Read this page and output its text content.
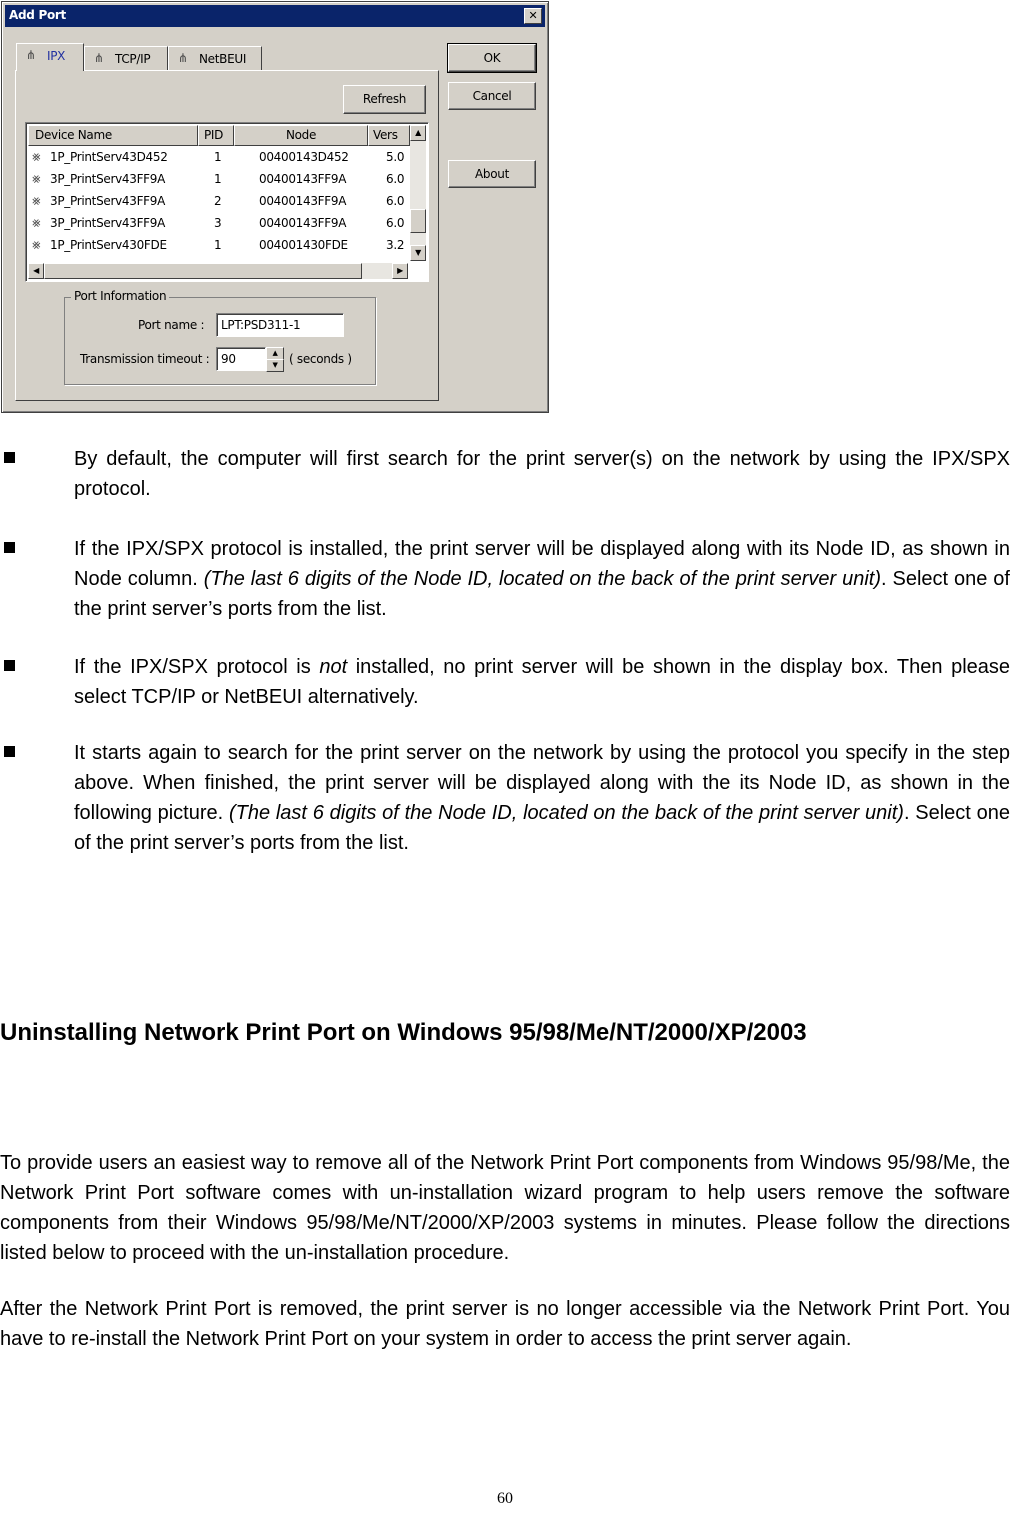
Add Port	✕
⋔ IPX ⋔ TCP/IP ⋔ NetBEUI	OK
Cancel
About
Refresh
Device Name	PID	Node	Vers
⨳ 1P_PrintServ43D452	1	00400143D452	5.0
⨳ 3P_PrintServ43FF9A	1	00400143FF9A	6.0
⨳ 3P_PrintServ43FF9A	2	00400143FF9A	6.0
⨳ 3P_PrintServ43FF9A	3	00400143FF9A	6.0
⨳ 1P_PrintServ430FDE	1	004001430FDE	3.2
▲
▼
◀	▶
Port Information
Port name :	LPT:PSD311-1
Transmission timeout : 90	▲
▼ ( seconds )

By default, the computer will first search for the print server(s) on the network by using the IPX/SPX protocol.

If the IPX/SPX protocol is installed, the print server will be displayed along with its Node ID, as shown in Node column. (The last 6 digits of the Node ID, located on the back of the print server unit). Select one of the print server’s ports from the list.

If the IPX/SPX protocol is not installed, no print server will be shown in the display box. Then please select TCP/IP or NetBEUI alternatively.

It starts again to search for the print server on the network by using the protocol you specify in the step above. When finished, the print server will be displayed along with the its Node ID, as shown in the following picture. (The last 6 digits of the Node ID, located on the back of the print server unit). Select one of the print server’s ports from the list.

Uninstalling Network Print Port on Windows 95/98/Me/NT/2000/XP/2003

To provide users an easiest way to remove all of the Network Print Port components from Windows 95/98/Me, the Network Print Port software comes with un-installation wizard program to help users remove the software components from their Windows 95/98/Me/NT/2000/XP/2003 systems in minutes. Please follow the directions listed below to proceed with the un-installation procedure.

After the Network Print Port is removed, the print server is no longer accessible via the Network Print Port. You have to re-install the Network Print Port on your system in order to access the print server again.

60
